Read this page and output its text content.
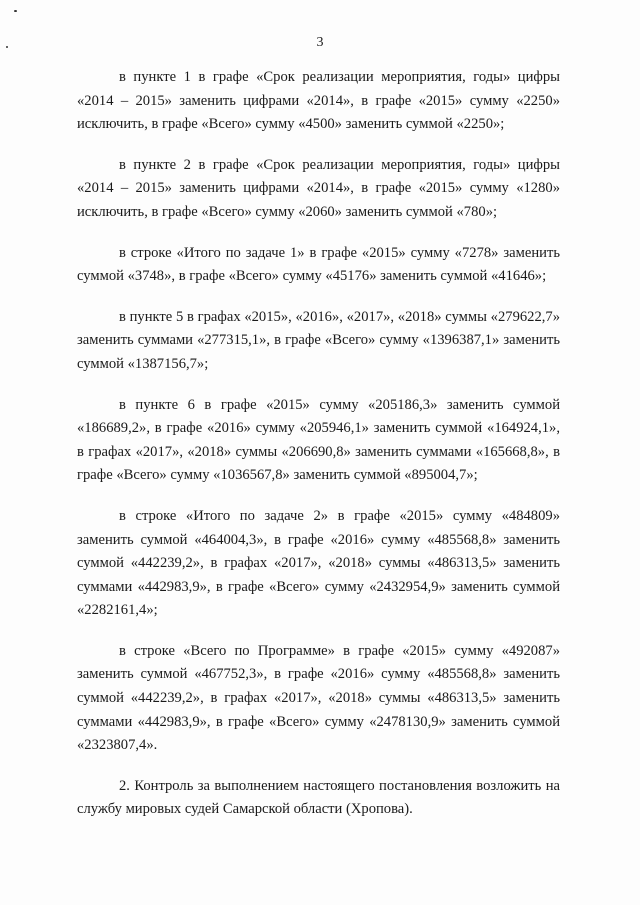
3

в пункте 1 в графе «Срок реализации мероприятия, годы» цифры «2014 – 2015» заменить цифрами «2014», в графе «2015» сумму «2250» исключить, в графе «Всего» сумму «4500» заменить суммой «2250»;

в пункте 2 в графе «Срок реализации мероприятия, годы» цифры «2014 – 2015» заменить цифрами «2014», в графе «2015» сумму «1280» исключить, в графе «Всего» сумму «2060» заменить суммой «780»;

в строке «Итого по задаче 1» в графе «2015» сумму «7278» заменить суммой «3748», в графе «Всего» сумму «45176» заменить суммой «41646»;

в пункте 5 в графах «2015», «2016», «2017», «2018» суммы «279622,7» заменить суммами «277315,1», в графе «Всего» сумму «1396387,1» заменить суммой «1387156,7»;

в пункте 6 в графе «2015» сумму «205186,3» заменить суммой «186689,2», в графе «2016» сумму «205946,1» заменить суммой «164924,1», в графах «2017», «2018» суммы «206690,8» заменить суммами «165668,8», в графе «Всего» сумму «1036567,8» заменить суммой «895004,7»;

в строке «Итого по задаче 2» в графе «2015» сумму «484809» заменить суммой «464004,3», в графе «2016» сумму «485568,8» заменить суммой «442239,2», в графах «2017», «2018» суммы «486313,5» заменить суммами «442983,9», в графе «Всего» сумму «2432954,9» заменить суммой «2282161,4»;

в строке «Всего по Программе» в графе «2015» сумму «492087» заменить суммой «467752,3», в графе «2016» сумму «485568,8» заменить суммой «442239,2», в графах «2017», «2018» суммы «486313,5» заменить суммами «442983,9», в графе «Всего» сумму «2478130,9» заменить суммой «2323807,4».

2. Контроль за выполнением настоящего постановления возложить на службу мировых судей Самарской области (Хропова).
